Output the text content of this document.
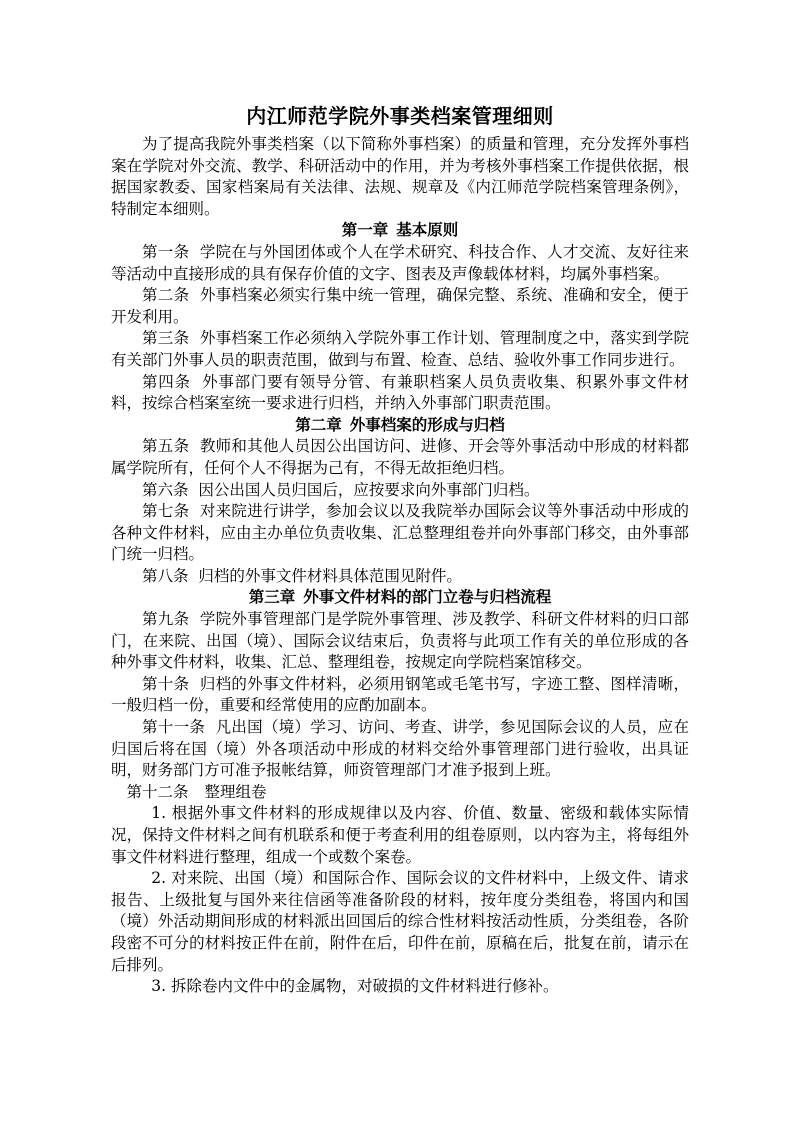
内江师范学院外事类档案管理细则

为了提高我院外事类档案（以下简称外事档案）的质量和管理，充分发挥外事档案在学院对外交流、教学、科研活动中的作用，并为考核外事档案工作提供依据，根据国家教委、国家档案局有关法律、法规、规章及《内江师范学院档案管理条例》，特制定本细则。

第一章 基本原则

第一条 学院在与外国团体或个人在学术研究、科技合作、人才交流、友好往来等活动中直接形成的具有保存价值的文字、图表及声像载体材料，均属外事档案。

第二条 外事档案必须实行集中统一管理，确保完整、系统、准确和安全，便于开发利用。

第三条 外事档案工作必须纳入学院外事工作计划、管理制度之中，落实到学院有关部门外事人员的职责范围，做到与布置、检查、总结、验收外事工作同步进行。

第四条 外事部门要有领导分管、有兼职档案人员负责收集、积累外事文件材料，按综合档案室统一要求进行归档，并纳入外事部门职责范围。

第二章 外事档案的形成与归档

第五条 教师和其他人员因公出国访问、进修、开会等外事活动中形成的材料都属学院所有，任何个人不得据为己有，不得无故拒绝归档。

第六条 因公出国人员归国后，应按要求向外事部门归档。

第七条 对来院进行讲学，参加会议以及我院举办国际会议等外事活动中形成的各种文件材料，应由主办单位负责收集、汇总整理组卷并向外事部门移交，由外事部门统一归档。

第八条 归档的外事文件材料具体范围见附件。

第三章 外事文件材料的部门立卷与归档流程

第九条 学院外事管理部门是学院外事管理、涉及教学、科研文件材料的归口部门，在来院、出国（境）、国际会议结束后，负责将与此项工作有关的单位形成的各种外事文件材料，收集、汇总、整理组卷，按规定向学院档案馆移交。

第十条 归档的外事文件材料，必须用钢笔或毛笔书写，字迹工整、图样清晰，一般归档一份，重要和经常使用的应酌加副本。

第十一条 凡出国（境）学习、访问、考查、讲学，参见国际会议的人员，应在归国后将在国（境）外各项活动中形成的材料交给外事管理部门进行验收，出具证明，财务部门方可准予报帐结算，师资管理部门才准予报到上班。

第十二条 整理组卷

1. 根据外事文件材料的形成规律以及内容、价值、数量、密级和载体实际情况，保持文件材料之间有机联系和便于考查利用的组卷原则，以内容为主，将每组外事文件材料进行整理，组成一个或数个案卷。

2. 对来院、出国（境）和国际合作、国际会议的文件材料中，上级文件、请求报告、上级批复与国外来往信函等准备阶段的材料，按年度分类组卷，将国内和国（境）外活动期间形成的材料派出回国后的综合性材料按活动性质，分类组卷，各阶段密不可分的材料按正件在前，附件在后，印件在前，原稿在后，批复在前，请示在后排列。

3. 拆除卷内文件中的金属物，对破损的文件材料进行修补。
